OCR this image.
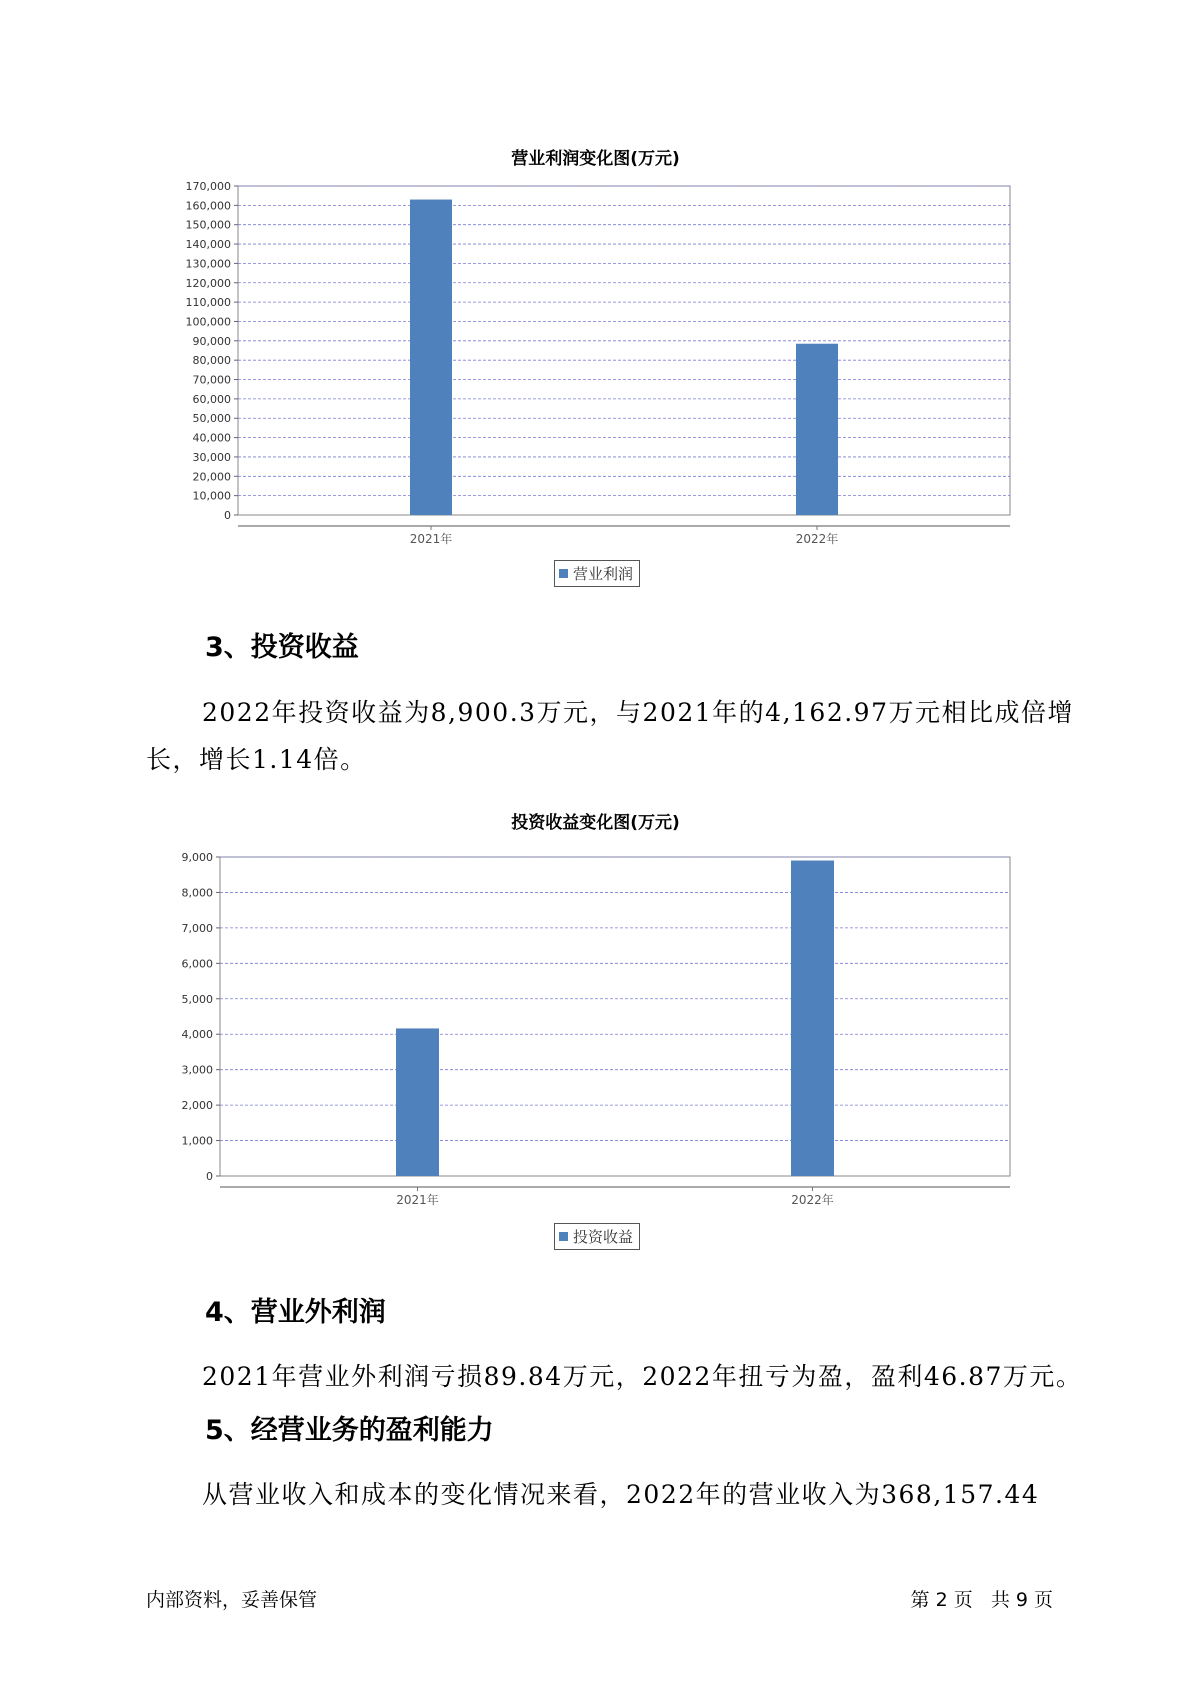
营业利润变化图(万元)
0
10,000
20,000
30,000
40,000
50,000
60,000
70,000
80,000
90,000
100,000
110,000
120,000
130,000
140,000
150,000
160,000
170,000
2021年	2022年
营业利润
3、投资收益
2022年投资收益为8,900.3万元，与2021年的4,162.97万元相比成倍增
长，增长1.14倍。
投资收益变化图(万元)
0
1,000
2,000
3,000
4,000
5,000
6,000
7,000
8,000
9,000
2021年	2022年
投资收益
4、营业外利润
2021年营业外利润亏损89.84万元，2022年扭亏为盈，盈利46.87万元。
5、经营业务的盈利能力
从营业收入和成本的变化情况来看，2022年的营业收入为368,157.44
内部资料，妥善保管	第 2 页   共 9 页
